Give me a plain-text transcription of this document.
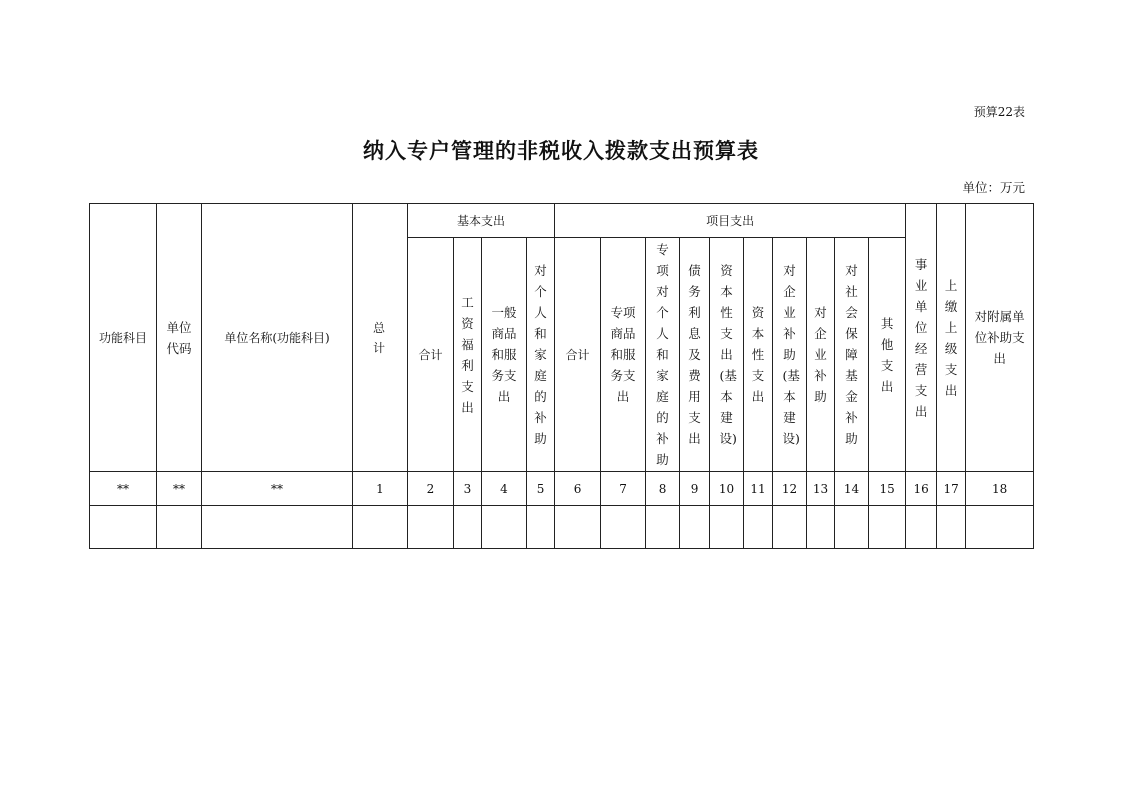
预算22表
纳入专户管理的非税收入拨款支出预算表
单位：万元
功能科目	单位代码	单位名称(功能科目)	总计	基本支出				项目支出										事业单位经营支出	上缴上级支出	对附属单位补助支出
				合计	工资福利支出	一般商品和服务支出	对个人和家庭的补助	合计	专项商品和服务支出	专项对个人和家庭的补助	债务利息及费用支出	资本性支出(基本建设)	资本性支出	对企业补助(基本建设)	对企业补助	对社会保障基金补助	其他支出			
**	**	**	1	2	3	4	5	6	7	8	9	10	11	12	13	14	15	16	17	18
